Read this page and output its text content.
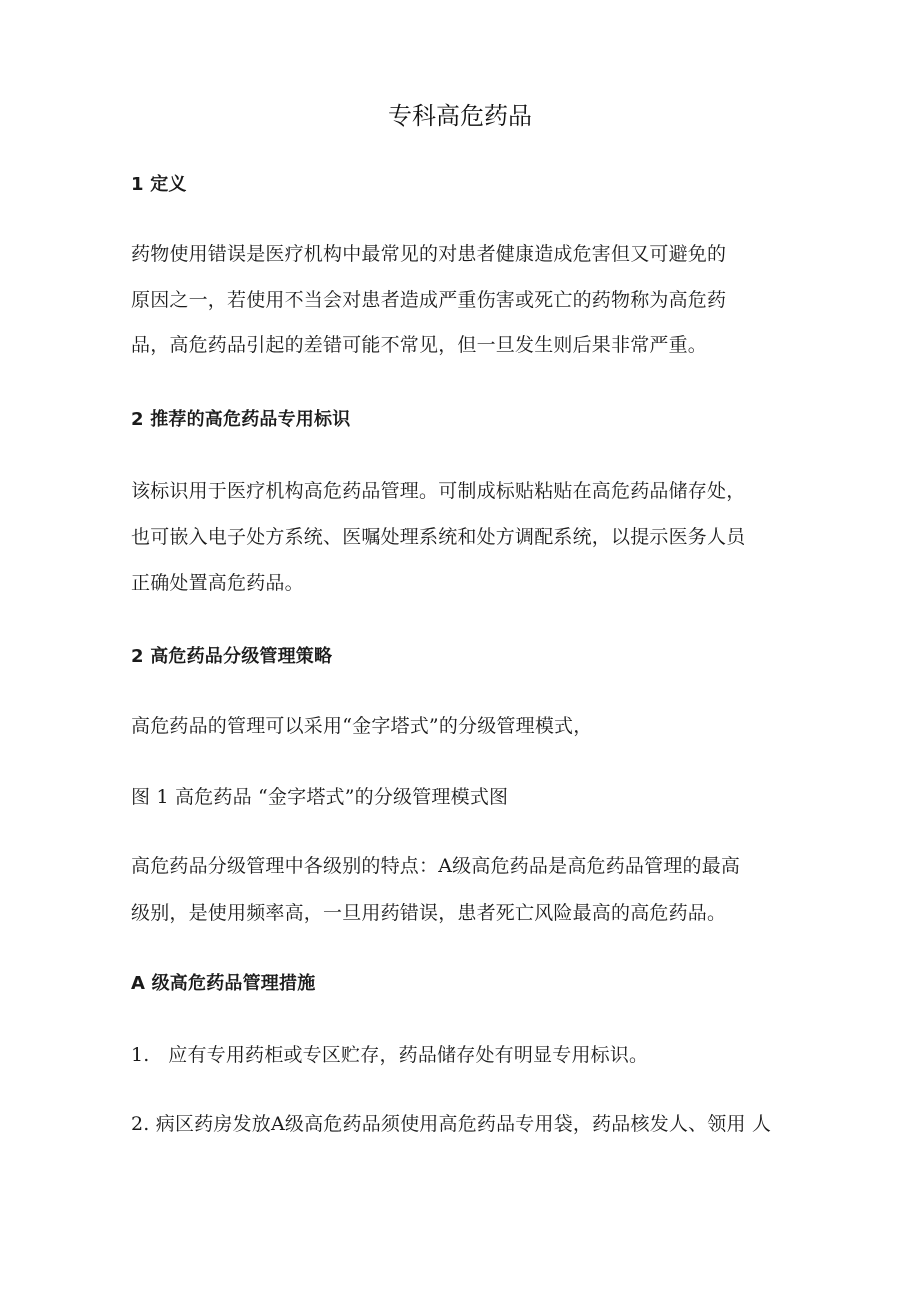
专科高危药品
1 定义
药物使用错误是医疗机构中最常见的对患者健康造成危害但又可避免的
原因之一，若使用不当会对患者造成严重伤害或死亡的药物称为高危药
品，高危药品引起的差错可能不常见，但一旦发生则后果非常严重。
2 推荐的高危药品专用标识
该标识用于医疗机构高危药品管理。可制成标贴粘贴在高危药品储存处，
也可嵌入电子处方系统、医嘱处理系统和处方调配系统，以提示医务人员
正确处置高危药品。
2 高危药品分级管理策略
高危药品的管理可以采用“金字塔式”的分级管理模式，
图 1 高危药品 “金字塔式”的分级管理模式图
高危药品分级管理中各级别的特点：A级高危药品是高危药品管理的最高
级别，是使用频率高，一旦用药错误，患者死亡风险最高的高危药品。
A 级高危药品管理措施
1.   应有专用药柜或专区贮存，药品储存处有明显专用标识。
2. 病区药房发放A级高危药品须使用高危药品专用袋，药品核发人、领用 人
